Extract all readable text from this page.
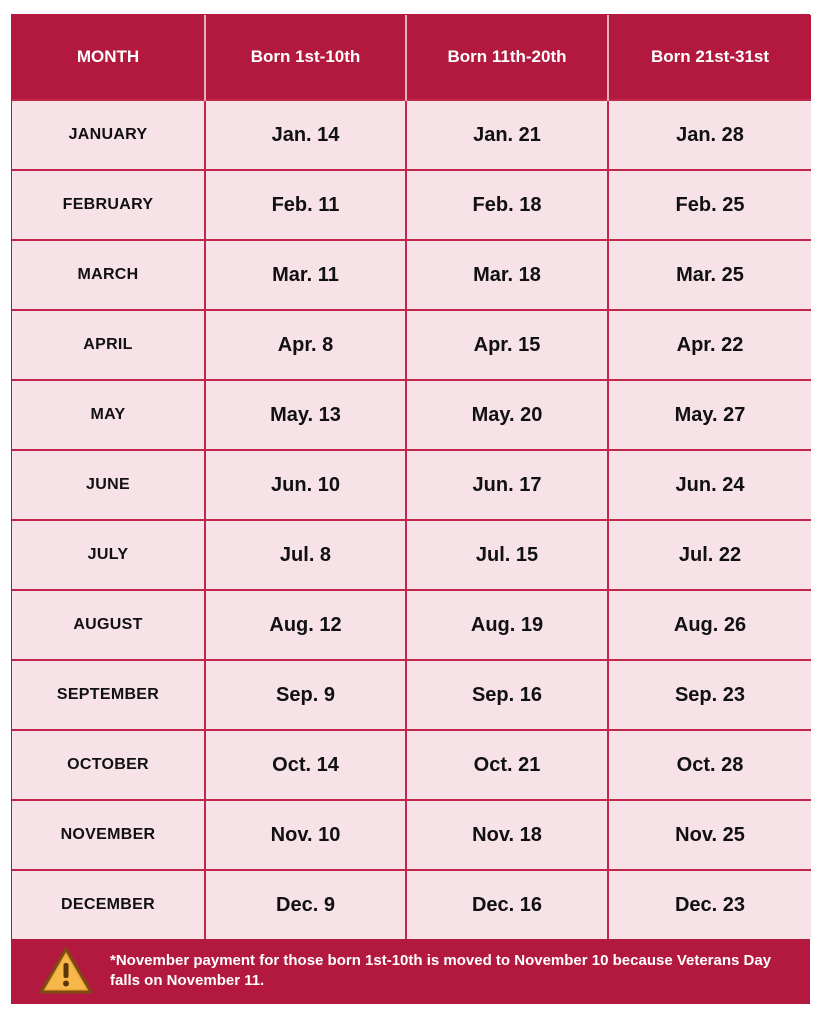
MONTH	Born 1st-10th	Born 11th-20th	Born 21st-31st
JANUARY	Jan. 14	Jan. 21	Jan. 28
FEBRUARY	Feb. 11	Feb. 18	Feb. 25
MARCH	Mar. 11	Mar. 18	Mar. 25
APRIL	Apr. 8	Apr. 15	Apr. 22
MAY	May. 13	May. 20	May. 27
JUNE	Jun. 10	Jun. 17	Jun. 24
JULY	Jul. 8	Jul. 15	Jul. 22
AUGUST	Aug. 12	Aug. 19	Aug. 26
SEPTEMBER	Sep. 9	Sep. 16	Sep. 23
OCTOBER	Oct. 14	Oct. 21	Oct. 28
NOVEMBER	Nov. 10	Nov. 18	Nov. 25
DECEMBER	Dec. 9	Dec. 16	Dec. 23
*November payment for those born 1st-10th is moved to November 10 because Veterans Day falls on November 11.
